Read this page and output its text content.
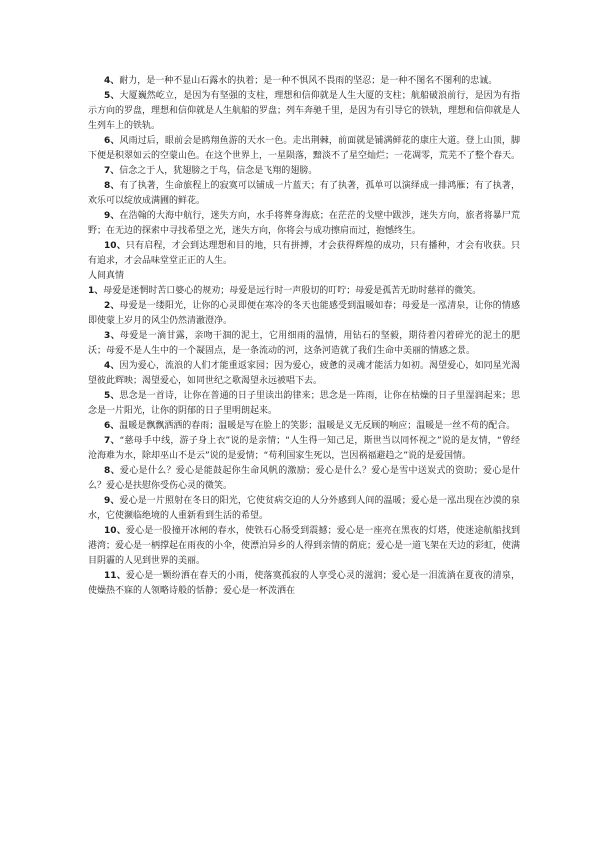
4、耐力，是一种不显山石露水的执着；是一种不惧风不畏雨的坚忍；是一种不图名不图利的忠诚。

5、大厦巍然屹立，是因为有坚强的支柱，理想和信仰就是人生大厦的支柱；航船破浪前行，是因为有指示方向的罗盘，理想和信仰就是人生航船的罗盘；列车奔驰千里，是因为有引导它的铁轨，理想和信仰就是人生列车上的铁轨。

6、风雨过后，眼前会是鸥翔鱼游的天水一色。走出荆棘，前面就是铺满鲜花的康庄大道。登上山顶，脚下便是积翠如云的空蒙山色。在这个世界上，一星陨落，黯淡不了星空灿烂；一花凋零，荒芜不了整个春天。

7、信念之于人，犹翅膀之于鸟，信念是飞翔的翅膀。

8、有了执著，生命旅程上的寂寞可以铺成一片蓝天；有了执著，孤单可以演绎成一排鸿雁；有了执著，欢乐可以绽放成满圃的鲜花。

9、在浩翰的大海中航行，迷失方向，水手将葬身海底；在茫茫的戈壁中跋涉，迷失方向，旅者将暴尸荒野；在无边的探索中寻找希望之光，迷失方向，你将会与成功擦肩而过，抱憾终生。

10、只有启程，才会到达理想和目的地，只有拼搏，才会获得辉煌的成功，只有播种，才会有收获。只有追求，才会品味堂堂正正的人生。

人间真情

1、母爱是迷惘时苦口婆心的规劝；母爱是远行时一声殷切的叮咛；母爱是孤苦无助时慈祥的微笑。

2、母爱是一缕阳光，让你的心灵即便在寒冷的冬天也能感受到温暖如春；母爱是一泓清泉，让你的情感即使蒙上岁月的风尘仍然清澈澄净。

3、母爱是一滴甘露，亲吻干涸的泥土，它用细雨的温情，用钻石的坚毅，期待着闪着碎光的泥土的肥沃；母爱不是人生中的一个凝固点，是一条流动的河，这条河造就了我们生命中美丽的情感之景。

4、因为爱心，流浪的人们才能重返家园；因为爱心，疲惫的灵魂才能活力如初。渴望爱心，如同星光渴望彼此辉映；渴望爱心，如同世纪之歌渴望永远被唱下去。

5、思念是一首诗，让你在普通的日子里读出韵律来；思念是一阵雨，让你在枯燥的日子里湿润起来；思念是一片阳光，让你的阴郁的日子里明朗起来。

6、温暖是飘飘洒洒的春雨；温暖是写在脸上的笑影；温暖是义无反顾的响应；温暖是一丝不苟的配合。

7、“慈母手中线，游子身上衣”说的是亲情；“人生得一知己足，斯世当以同怀视之”说的是友情，“曾经沧海难为水，除却巫山不是云”说的是爱情；“苟利国家生死以，岂因祸福避趋之”说的是爱国情。

8、爱心是什么？爱心是能鼓起你生命风帆的激励；爱心是什么？爱心是雪中送炭式的资助；爱心是什么？爱心是扶慰你受伤心灵的微笑。

9、爱心是一片照射在冬日的阳光，它使贫病交迫的人分外感到人间的温暖；爱心是一泓出现在沙漠的泉水，它使濒临绝境的人重新看到生活的希望。

10、爱心是一股撞开冰闸的春水，使铁石心肠受到震撼；爱心是一座亮在黑夜的灯塔，使迷途航船找到港湾；爱心是一柄撑起在雨夜的小伞，使漂泊异乡的人得到亲情的荫庇；爱心是一道飞架在天边的彩虹，使满目阴霾的人见到世界的美丽。

11、爱心是一颗纷洒在春天的小雨，使落寞孤寂的人享受心灵的滋润；爱心是一泪流淌在夏夜的清泉，使燥热不寐的人领略诗般的恬静；爱心是一杯泼洒在
